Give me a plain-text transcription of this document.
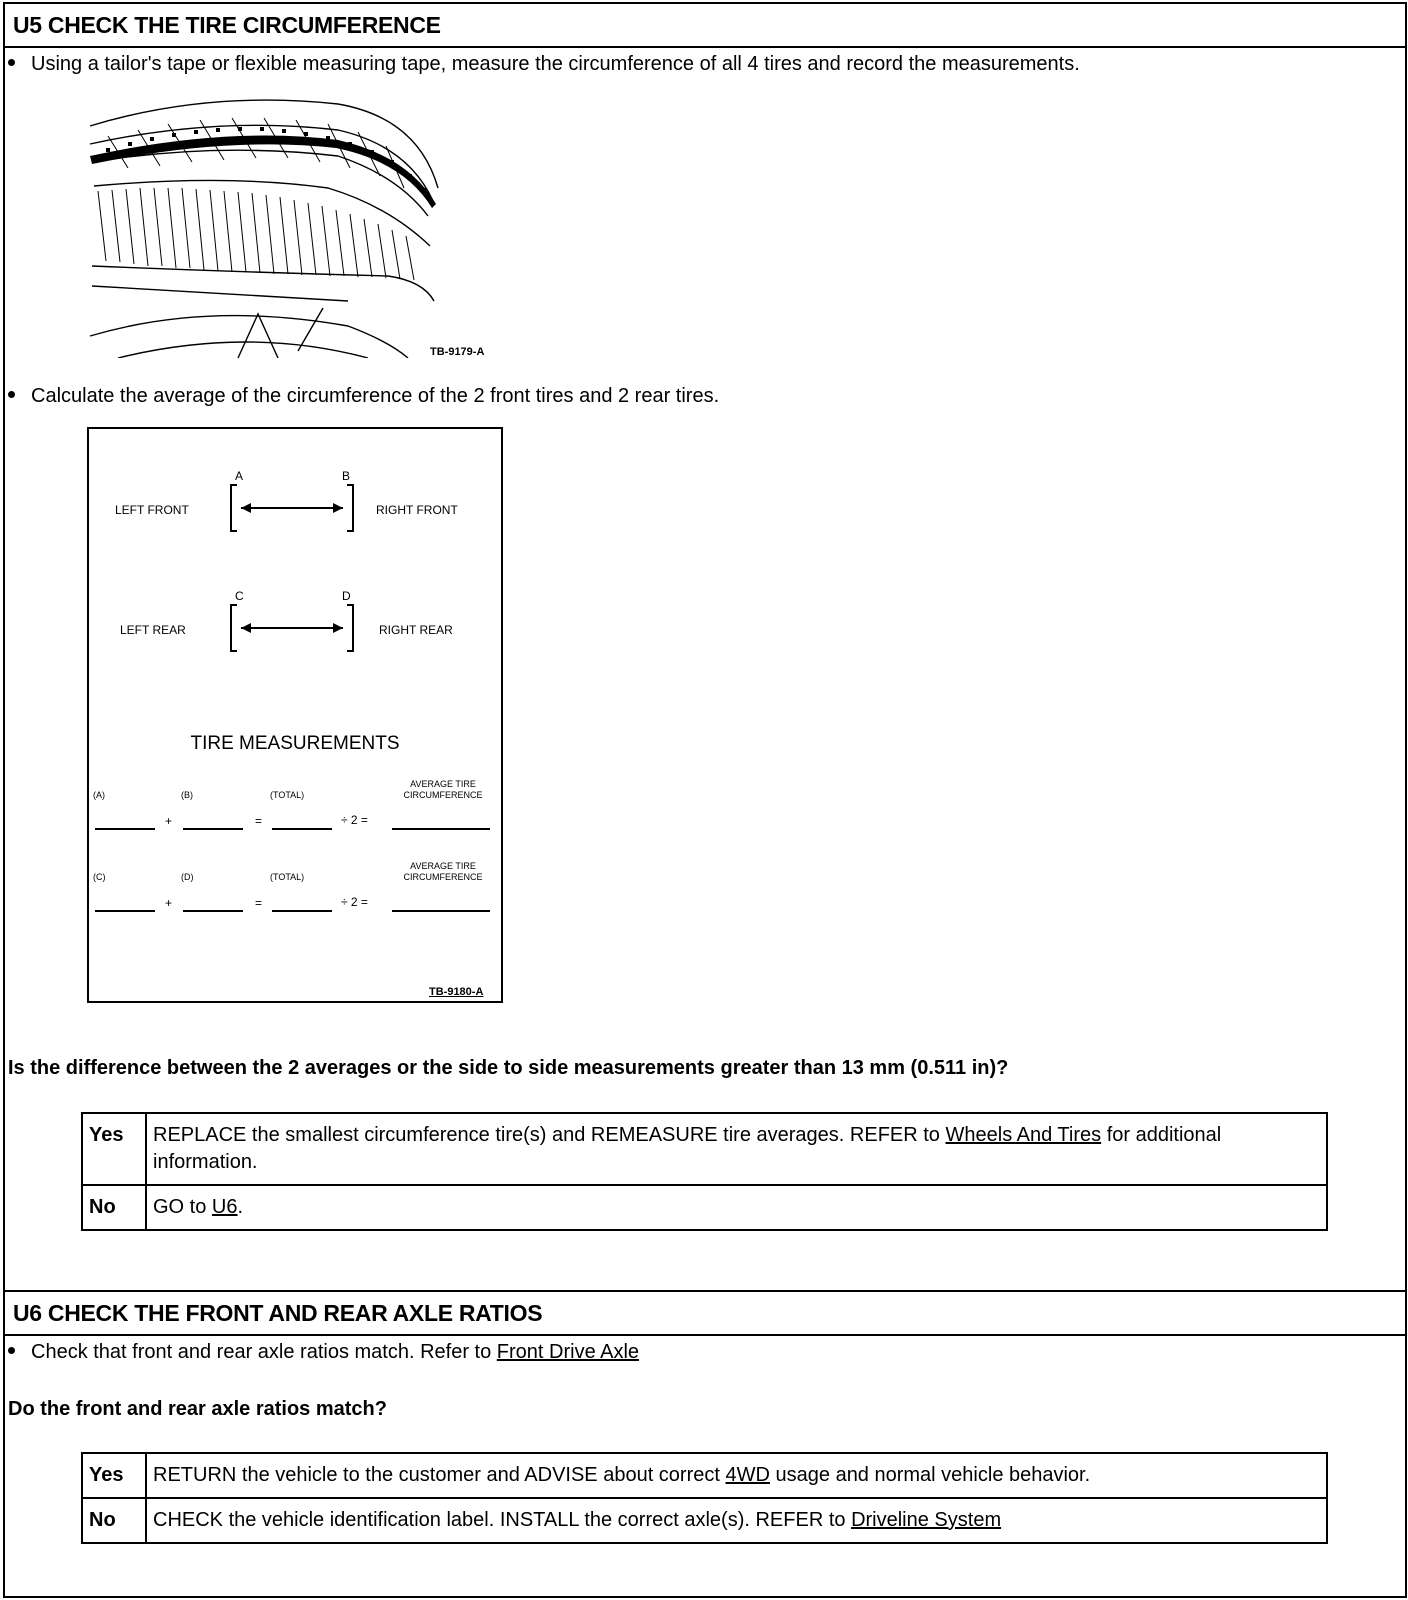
U5 CHECK THE TIRE CIRCUMFERENCE
Using a tailor's tape or flexible measuring tape, measure the circumference of all 4 tires and record the measurements.
TB-9179-A
Calculate the average of the circumference of the 2 front tires and 2 rear tires.
A	B
LEFT FRONT	RIGHT FRONT
C	D
LEFT REAR	RIGHT REAR
TIRE MEASUREMENTS
(A)	(B)	(TOTAL)
AVERAGE TIRE CIRCUMFERENCE
+	=	÷ 2 =
(C)	(D)	(TOTAL)
AVERAGE TIRE CIRCUMFERENCE
+	=	÷ 2 =
TB-9180-A
Is the difference between the 2 averages or the side to side measurements greater than 13 mm (0.511 in)?
Yes	REPLACE the smallest circumference tire(s) and REMEASURE tire averages. REFER to Wheels And Tires for additional information.
No	GO to U6.
U6 CHECK THE FRONT AND REAR AXLE RATIOS
Check that front and rear axle ratios match. Refer to Front Drive Axle
Do the front and rear axle ratios match?
Yes	RETURN the vehicle to the customer and ADVISE about correct 4WD usage and normal vehicle behavior.
No	CHECK the vehicle identification label. INSTALL the correct axle(s). REFER to Driveline System
